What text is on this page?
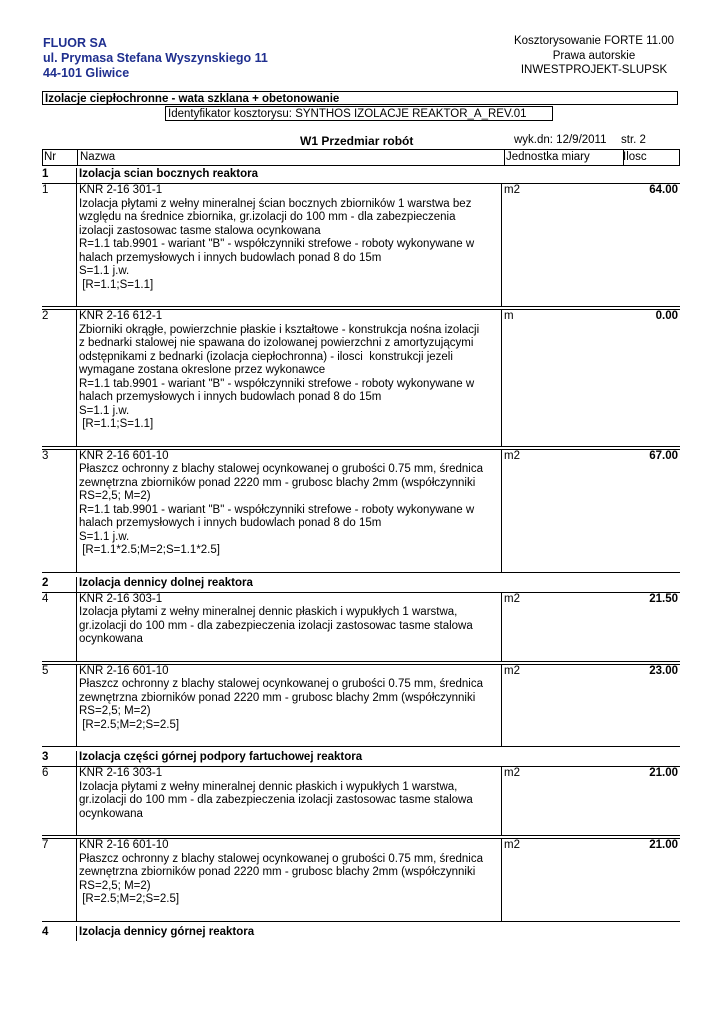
FLUOR SA
ul. Prymasa Stefana Wyszynskiego 11
44-101 Gliwice
Kosztorysowanie FORTE 11.00
Prawa autorskie
INWESTPROJEKT-SLUPSK
Izolacje ciepłochronne - wata szklana + obetonowanie
Identyfikator kosztorysu: SYNTHOS IZOLACJE REAKTOR_A_REV.01
W1 Przedmiar robót	wyk.dn: 12/9/2011 str. 2
Nr Nazwa	Jednostka miary	Ilosc
1	Izolacja scian bocznych reaktora
1	KNR 2-16 301-1
Izolacja płytami z wełny mineralnej ścian bocznych zbiorników 1 warstwa bez
względu na średnice zbiornika, gr.izolacji do 100 mm - dla zabezpieczenia
izolacji zastosowac tasme stalowa ocynkowana
R=1.1 tab.9901 - wariant "B" - współczynniki strefowe - roboty wykonywane w
halach przemysłowych i innych budowlach ponad 8 do 15m
S=1.1 j.w.
[R=1.1;S=1.1]
m2	64.00
2	KNR 2-16 612-1
Zbiorniki okrągłe, powierzchnie płaskie i kształtowe - konstrukcja nośna izolacji
z bednarki stalowej nie spawana do izolowanej powierzchni z amortyzującymi
odstępnikami z bednarki (izolacja ciepłochronna) - ilosci  konstrukcji jezeli
wymagane zostana okreslone przez wykonawce
R=1.1 tab.9901 - wariant "B" - współczynniki strefowe - roboty wykonywane w
halach przemysłowych i innych budowlach ponad 8 do 15m
S=1.1 j.w.
[R=1.1;S=1.1]
m	0.00
3	KNR 2-16 601-10
Płaszcz ochronny z blachy stalowej ocynkowanej o grubości 0.75 mm, średnica
zewnętrzna zbiorników ponad 2220 mm - grubosc blachy 2mm (współczynniki
RS=2,5; M=2)
R=1.1 tab.9901 - wariant "B" - współczynniki strefowe - roboty wykonywane w
halach przemysłowych i innych budowlach ponad 8 do 15m
S=1.1 j.w.
[R=1.1*2.5;M=2;S=1.1*2.5]
m2	67.00
2	Izolacja dennicy dolnej reaktora
4	KNR 2-16 303-1
Izolacja płytami z wełny mineralnej dennic płaskich i wypukłych 1 warstwa,
gr.izolacji do 100 mm - dla zabezpieczenia izolacji zastosowac tasme stalowa
ocynkowana
m2	21.50
5	KNR 2-16 601-10
Płaszcz ochronny z blachy stalowej ocynkowanej o grubości 0.75 mm, średnica
zewnętrzna zbiorników ponad 2220 mm - grubosc blachy 2mm (współczynniki
RS=2,5; M=2)
[R=2.5;M=2;S=2.5]
m2	23.00
3	Izolacja części górnej podpory fartuchowej reaktora
6	KNR 2-16 303-1
Izolacja płytami z wełny mineralnej dennic płaskich i wypukłych 1 warstwa,
gr.izolacji do 100 mm - dla zabezpieczenia izolacji zastosowac tasme stalowa
ocynkowana
m2	21.00
7	KNR 2-16 601-10
Płaszcz ochronny z blachy stalowej ocynkowanej o grubości 0.75 mm, średnica
zewnętrzna zbiorników ponad 2220 mm - grubosc blachy 2mm (współczynniki
RS=2,5; M=2)
[R=2.5;M=2;S=2.5]
m2	21.00
4	Izolacja dennicy górnej reaktora
